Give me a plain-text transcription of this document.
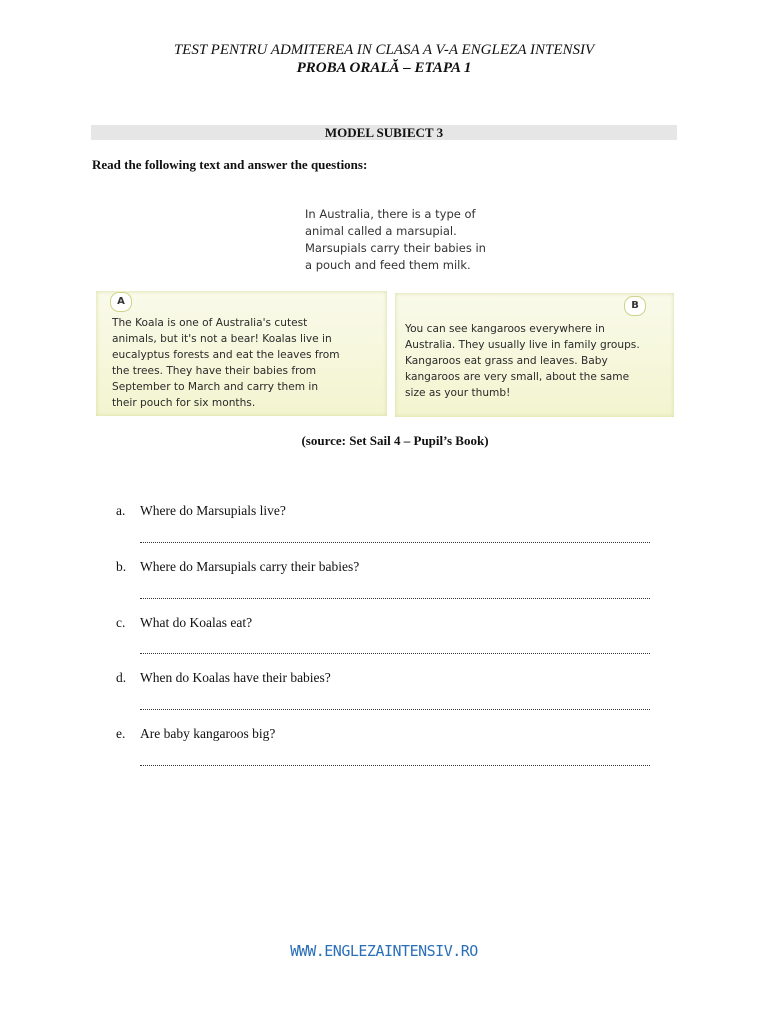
TEST PENTRU ADMITEREA IN CLASA A V-A ENGLEZA INTENSIV
PROBA ORALĂ – ETAPA 1
MODEL SUBIECT 3
Read the following text and answer the questions:
In Australia, there is a type of
animal called a marsupial.
Marsupials carry their babies in
a pouch and feed them milk.
A
The Koala is one of Australia's cutest
animals, but it's not a bear! Koalas live in
eucalyptus forests and eat the leaves from
the trees. They have their babies from
September to March and carry them in
their pouch for six months.
B
You can see kangaroos everywhere in
Australia. They usually live in family groups.
Kangaroos eat grass and leaves. Baby
kangaroos are very small, about the same
size as your thumb!
(source: Set Sail 4 – Pupil’s Book)
a. Where do Marsupials live?
b. Where do Marsupials carry their babies?
c. What do Koalas eat?
d. When do Koalas have their babies?
e. Are baby kangaroos big?
WWW.ENGLEZAINTENSIV.RO
